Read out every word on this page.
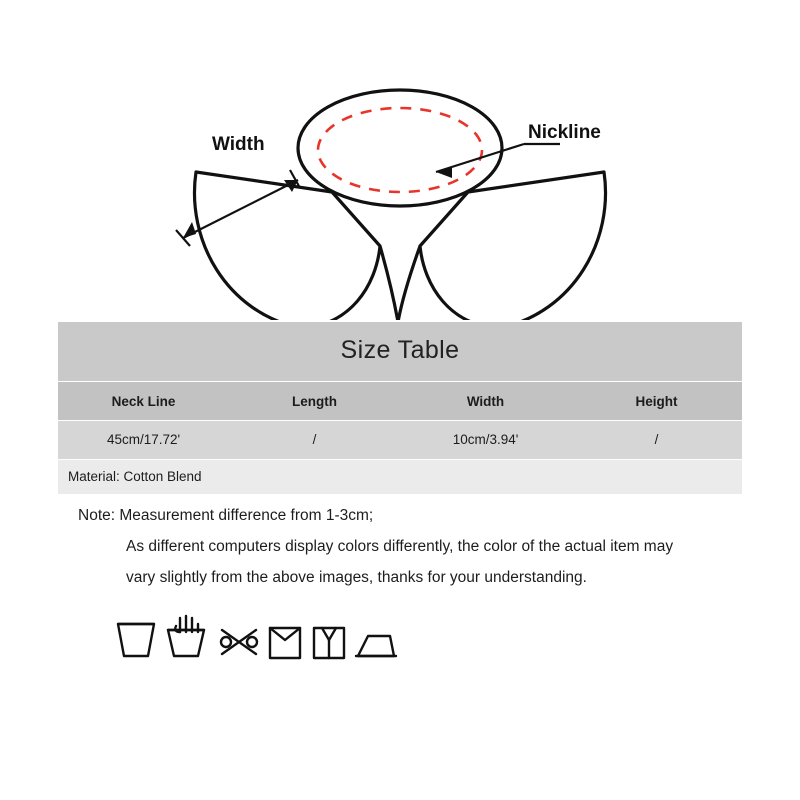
Width
Nickline
Size Table
Neck Line	Length	Width	Height
45cm/17.72'	/	10cm/3.94'	/
Material: Cotton Blend

Note: Measurement difference from 1-3cm;

As different computers display colors differently, the color of the actual item may

vary slightly from the above images, thanks for your understanding.
